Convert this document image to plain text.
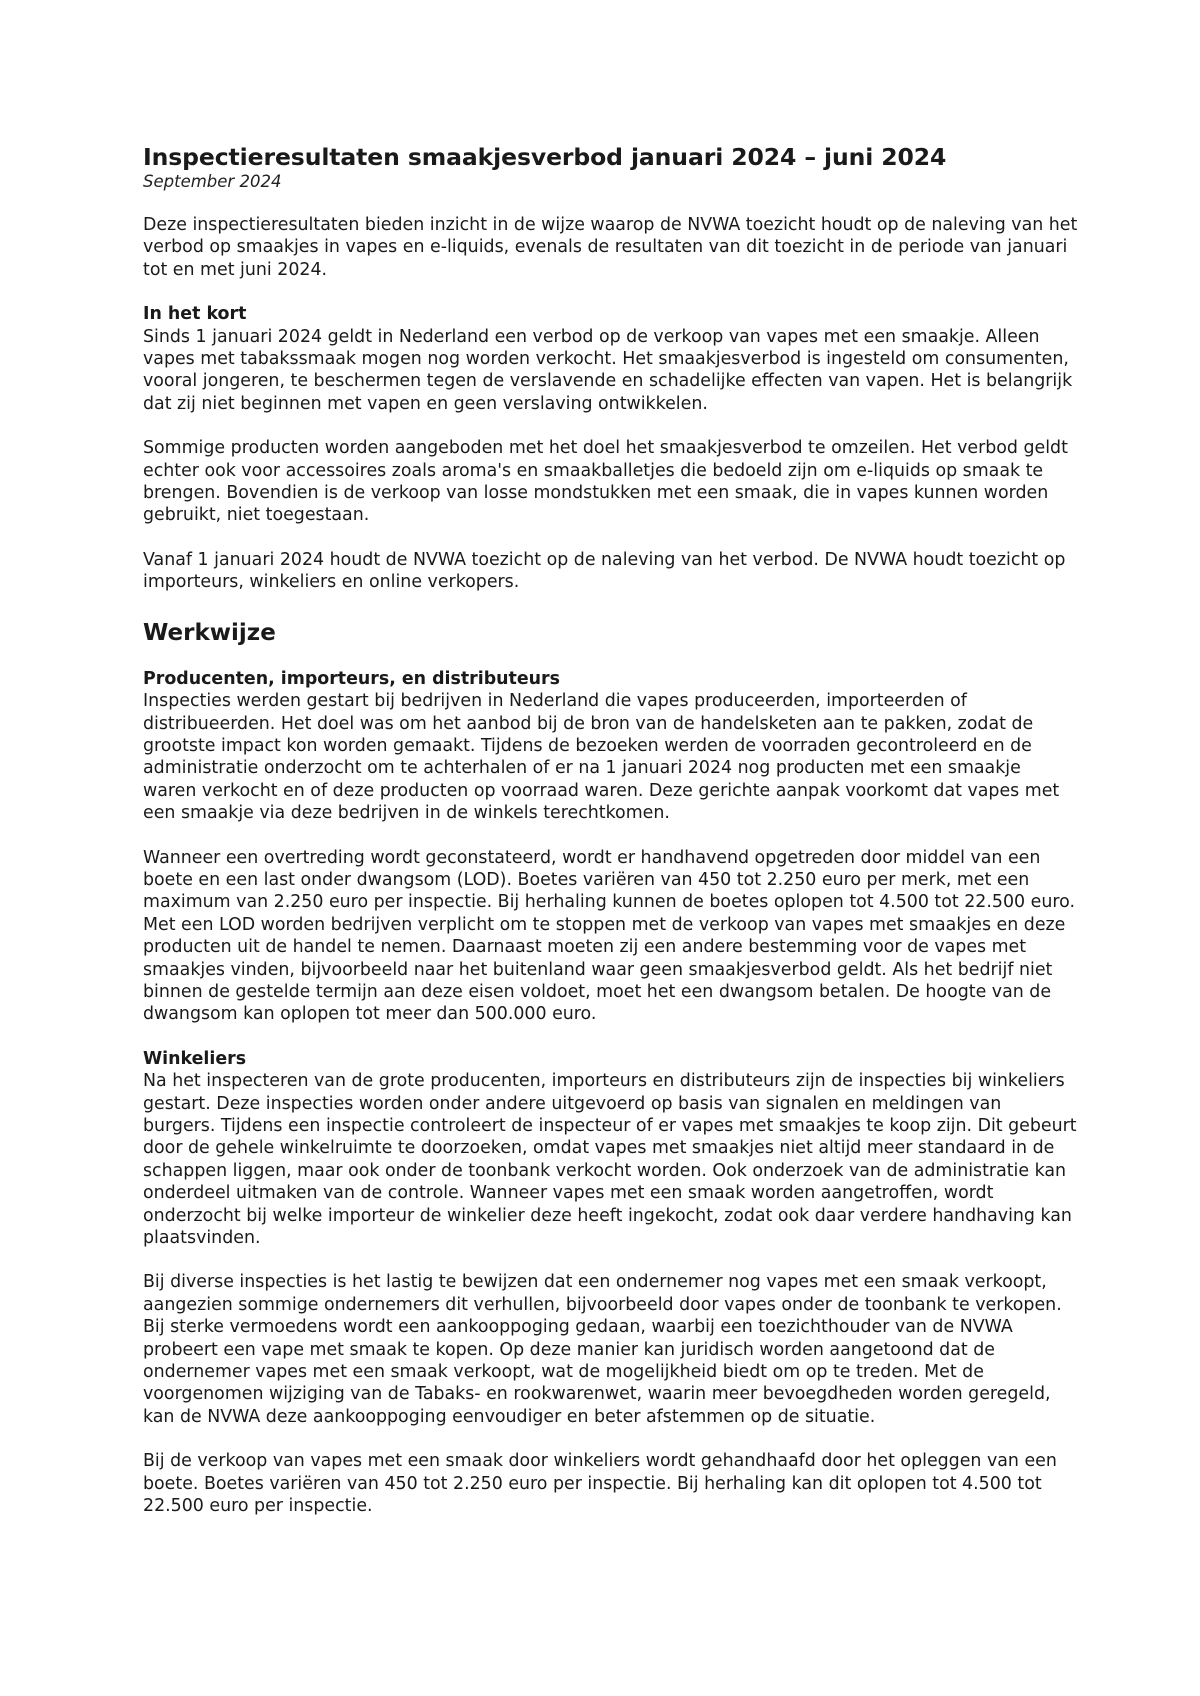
Inspectieresultaten smaakjesverbod januari 2024 – juni 2024
September 2024

Deze inspectieresultaten bieden inzicht in de wijze waarop de NVWA toezicht houdt op de naleving van het verbod op smaakjes in vapes en e-liquids, evenals de resultaten van dit toezicht in de periode van januari tot en met juni 2024.

In het kort

Sinds 1 januari 2024 geldt in Nederland een verbod op de verkoop van vapes met een smaakje. Alleen vapes met tabakssmaak mogen nog worden verkocht. Het smaakjesverbod is ingesteld om consumenten, vooral jongeren, te beschermen tegen de verslavende en schadelijke effecten van vapen. Het is belangrijk dat zij niet beginnen met vapen en geen verslaving ontwikkelen.

Sommige producten worden aangeboden met het doel het smaakjesverbod te omzeilen. Het verbod geldt echter ook voor accessoires zoals aroma's en smaakballetjes die bedoeld zijn om e-liquids op smaak te brengen. Bovendien is de verkoop van losse mondstukken met een smaak, die in vapes kunnen worden gebruikt, niet toegestaan.

Vanaf 1 januari 2024 houdt de NVWA toezicht op de naleving van het verbod. De NVWA houdt toezicht op importeurs, winkeliers en online verkopers.

Werkwijze
Producenten, importeurs, en distributeurs

Inspecties werden gestart bij bedrijven in Nederland die vapes produceerden, importeerden of distribueerden. Het doel was om het aanbod bij de bron van de handelsketen aan te pakken, zodat de grootste impact kon worden gemaakt. Tijdens de bezoeken werden de voorraden gecontroleerd en de administratie onderzocht om te achterhalen of er na 1 januari 2024 nog producten met een smaakje waren verkocht en of deze producten op voorraad waren. Deze gerichte aanpak voorkomt dat vapes met een smaakje via deze bedrijven in de winkels terechtkomen.

Wanneer een overtreding wordt geconstateerd, wordt er handhavend opgetreden door middel van een boete en een last onder dwangsom (LOD). Boetes variëren van 450 tot 2.250 euro per merk, met een maximum van 2.250 euro per inspectie. Bij herhaling kunnen de boetes oplopen tot 4.500 tot 22.500 euro. Met een LOD worden bedrijven verplicht om te stoppen met de verkoop van vapes met smaakjes en deze producten uit de handel te nemen. Daarnaast moeten zij een andere bestemming voor de vapes met smaakjes vinden, bijvoorbeeld naar het buitenland waar geen smaakjesverbod geldt. Als het bedrijf niet binnen de gestelde termijn aan deze eisen voldoet, moet het een dwangsom betalen. De hoogte van de dwangsom kan oplopen tot meer dan 500.000 euro.

Winkeliers

Na het inspecteren van de grote producenten, importeurs en distributeurs zijn de inspecties bij winkeliers gestart. Deze inspecties worden onder andere uitgevoerd op basis van signalen en meldingen van burgers. Tijdens een inspectie controleert de inspecteur of er vapes met smaakjes te koop zijn. Dit gebeurt door de gehele winkelruimte te doorzoeken, omdat vapes met smaakjes niet altijd meer standaard in de schappen liggen, maar ook onder de toonbank verkocht worden. Ook onderzoek van de administratie kan onderdeel uitmaken van de controle. Wanneer vapes met een smaak worden aangetroffen, wordt onderzocht bij welke importeur de winkelier deze heeft ingekocht, zodat ook daar verdere handhaving kan plaatsvinden.

Bij diverse inspecties is het lastig te bewijzen dat een ondernemer nog vapes met een smaak verkoopt, aangezien sommige ondernemers dit verhullen, bijvoorbeeld door vapes onder de toonbank te verkopen. Bij sterke vermoedens wordt een aankooppoging gedaan, waarbij een toezichthouder van de NVWA probeert een vape met smaak te kopen. Op deze manier kan juridisch worden aangetoond dat de ondernemer vapes met een smaak verkoopt, wat de mogelijkheid biedt om op te treden. Met de voorgenomen wijziging van de Tabaks- en rookwarenwet, waarin meer bevoegdheden worden geregeld, kan de NVWA deze aankooppoging eenvoudiger en beter afstemmen op de situatie.

Bij de verkoop van vapes met een smaak door winkeliers wordt gehandhaafd door het opleggen van een boete. Boetes variëren van 450 tot 2.250 euro per inspectie. Bij herhaling kan dit oplopen tot 4.500 tot 22.500 euro per inspectie.
